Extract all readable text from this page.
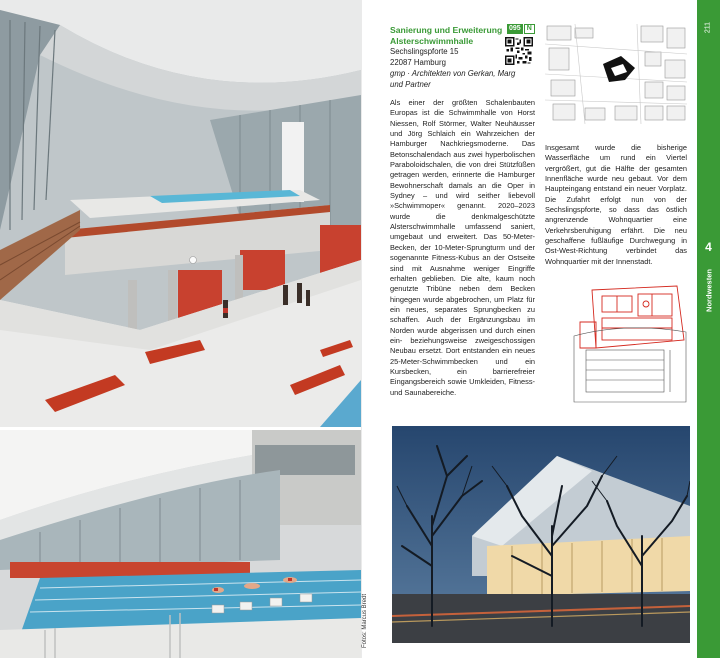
Fotos: Marcus Bredt
Sanierung und Erweiterung Alsterschwimmhalle
Sechslingspforte 15
22087 Hamburg
gmp · Architekten von Gerkan, Marg und Partner
095 N
Als einer der größten Schalenbauten Europas ist die Schwimmhalle von Horst Niessen, Rolf Störmer, Walter Neuhäusser und Jörg Schlaich ein Wahrzeichen der Hamburger Nachkriegsmoderne. Das Betonschalendach aus zwei hyperbolischen Paraboloidschalen, die von drei Stützfüßen getragen werden, erinnerte die Hamburger Bewohnerschaft damals an die Oper in Sydney – und wird seither liebevoll »Schwimmoper« genannt. 2020–2023 wurde die denkmalgeschützte Alsterschwimmhalle umfassend saniert, umgebaut und erweitert. Das 50-Meter-Becken, der 10-Meter-Sprungturm und der sogenannte Fitness-Kubus an der Ostseite sind mit Ausnahme weniger Eingriffe erhalten geblieben. Die alte, kaum noch genutzte Tribüne neben dem Becken hingegen wurde abgebrochen, um Platz für ein neues, separates Sprungbecken zu schaffen. Auch der Ergänzungsbau im Norden wurde abgerissen und durch einen ein- beziehungsweise zweigeschossigen Neubau ersetzt. Dort entstanden ein neues 25-Meter-Schwimmbecken und ein Kursbecken, ein barrierefreier Eingangsbereich sowie Umkleiden, Fitness- und Saunabereiche.
Insgesamt wurde die bisherige Wasserfläche um rund ein Viertel vergrößert, gut die Hälfte der gesamten Innenfläche wurde neu gebaut. Vor dem Haupteingang entstand ein neuer Vorplatz. Die Zufahrt erfolgt nun von der Sechslingspforte, so dass das östlich angrenzende Wohnquartier eine Verkehrsberuhigung erfährt. Die neu geschaffene fußläufige Durchwegung in Ost-West-Richtung verbindet das Wohnquartier mit der Innenstadt.
211
4
Nordwesten
